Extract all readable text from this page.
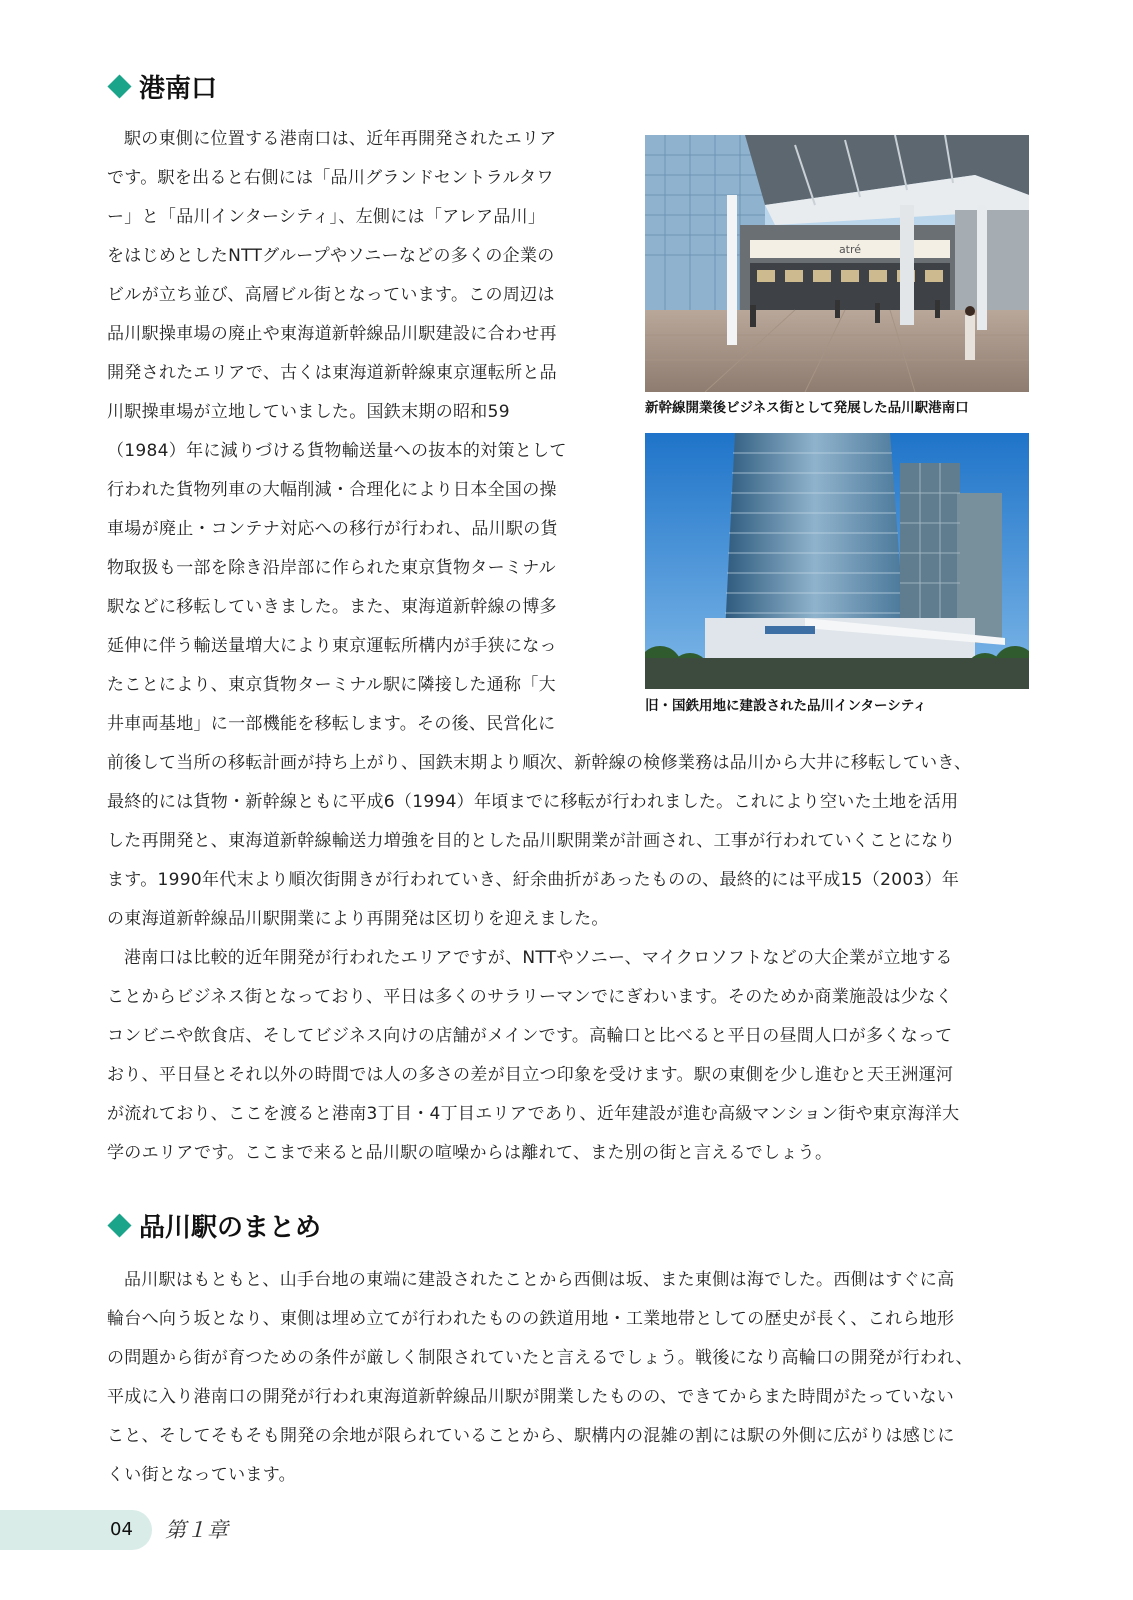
港南口

駅の東側に位置する港南口は、近年再開発されたエリア
です。駅を出ると右側には「品川グランドセントラルタワ
ー」と「品川インターシティ」、左側には「アレア品川」
をはじめとしたNTTグループやソニーなどの多くの企業の
ビルが立ち並び、高層ビル街となっています。この周辺は
品川駅操車場の廃止や東海道新幹線品川駅建設に合わせ再
開発されたエリアで、古くは東海道新幹線東京運転所と品
川駅操車場が立地していました。国鉄末期の昭和59
（1984）年に減りづける貨物輸送量への抜本的対策として
行われた貨物列車の大幅削減・合理化により日本全国の操
車場が廃止・コンテナ対応への移行が行われ、品川駅の貨
物取扱も一部を除き沿岸部に作られた東京貨物ターミナル
駅などに移転していきました。また、東海道新幹線の博多
延伸に伴う輸送量増大により東京運転所構内が手狭になっ
たことにより、東京貨物ターミナル駅に隣接した通称「大
井車両基地」に一部機能を移転します。その後、民営化に

atré
新幹線開業後ビジネス街として発展した品川駅港南口
旧・国鉄用地に建設された品川インターシティ

前後して当所の移転計画が持ち上がり、国鉄末期より順次、新幹線の検修業務は品川から大井に移転していき、
最終的には貨物・新幹線ともに平成6（1994）年頃までに移転が行われました。これにより空いた土地を活用
した再開発と、東海道新幹線輸送力増強を目的とした品川駅開業が計画され、工事が行われていくことになり
ます。1990年代末より順次街開きが行われていき、紆余曲折があったものの、最終的には平成15（2003）年
の東海道新幹線品川駅開業により再開発は区切りを迎えました。

港南口は比較的近年開発が行われたエリアですが、NTTやソニー、マイクロソフトなどの大企業が立地する
ことからビジネス街となっており、平日は多くのサラリーマンでにぎわいます。そのためか商業施設は少なく
コンビニや飲食店、そしてビジネス向けの店舗がメインです。高輪口と比べると平日の昼間人口が多くなって
おり、平日昼とそれ以外の時間では人の多さの差が目立つ印象を受けます。駅の東側を少し進むと天王洲運河
が流れており、ここを渡ると港南3丁目・4丁目エリアであり、近年建設が進む高級マンション街や東京海洋大
学のエリアです。ここまで来ると品川駅の喧噪からは離れて、また別の街と言えるでしょう。

品川駅のまとめ

品川駅はもともと、山手台地の東端に建設されたことから西側は坂、また東側は海でした。西側はすぐに高
輪台へ向う坂となり、東側は埋め立てが行われたものの鉄道用地・工業地帯としての歴史が長く、これら地形
の問題から街が育つための条件が厳しく制限されていたと言えるでしょう。戦後になり高輪口の開発が行われ、
平成に入り港南口の開発が行われ東海道新幹線品川駅が開業したものの、できてからまた時間がたっていない
こと、そしてそもそも開発の余地が限られていることから、駅構内の混雑の割には駅の外側に広がりは感じに
くい街となっています。

04 第１章
